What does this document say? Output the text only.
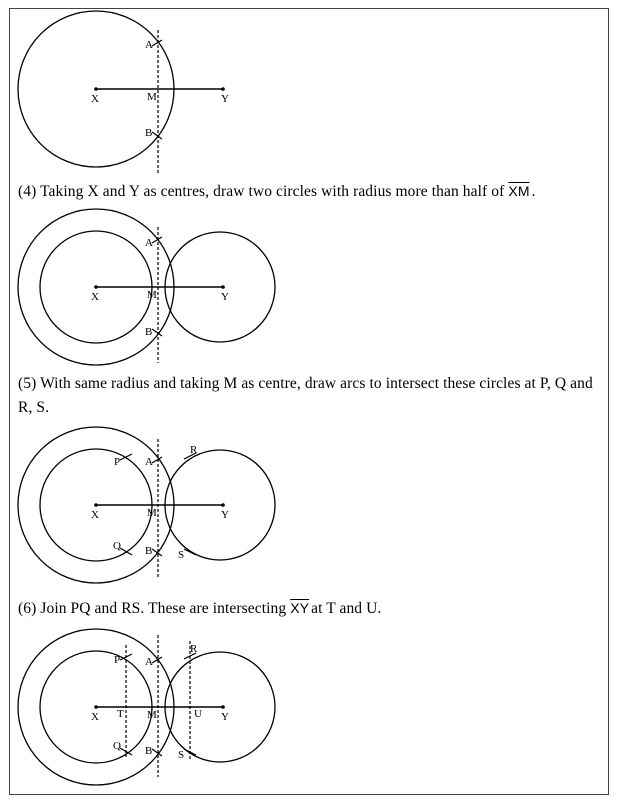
X	Y
M
A
B
(4) Taking X and Y as centres, draw two circles with radius more than half of $\overline{XM}$ .
X	Y
M
A
B
(5) With same radius and taking M as centre, draw arcs to intersect these circles at P, Q and R, S.
X	Y
M
A
B
P
Q
R
S
(6) Join PQ and RS. These are intersecting $\overline{XY}$ at T and U.
X	Y
M
A
B
P
Q
R
S
T	U
